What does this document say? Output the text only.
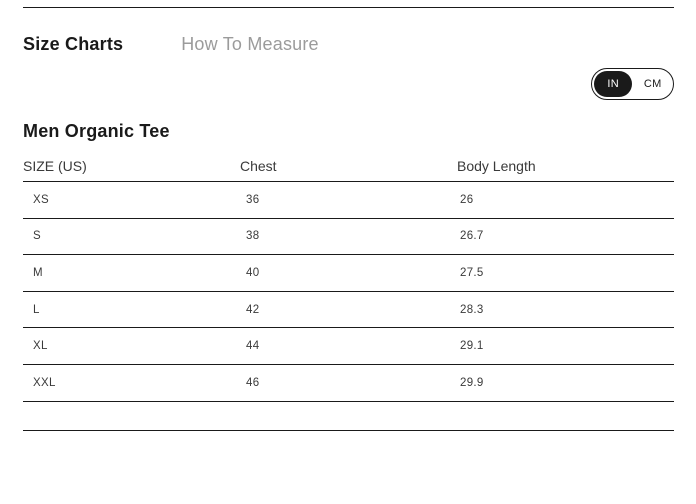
Size Charts	How To Measure
IN	CM
Men Organic Tee
SIZE (US)	Chest	Body Length
XS	36	26
S	38	26.7
M	40	27.5
L	42	28.3
XL	44	29.1
XXL	46	29.9
